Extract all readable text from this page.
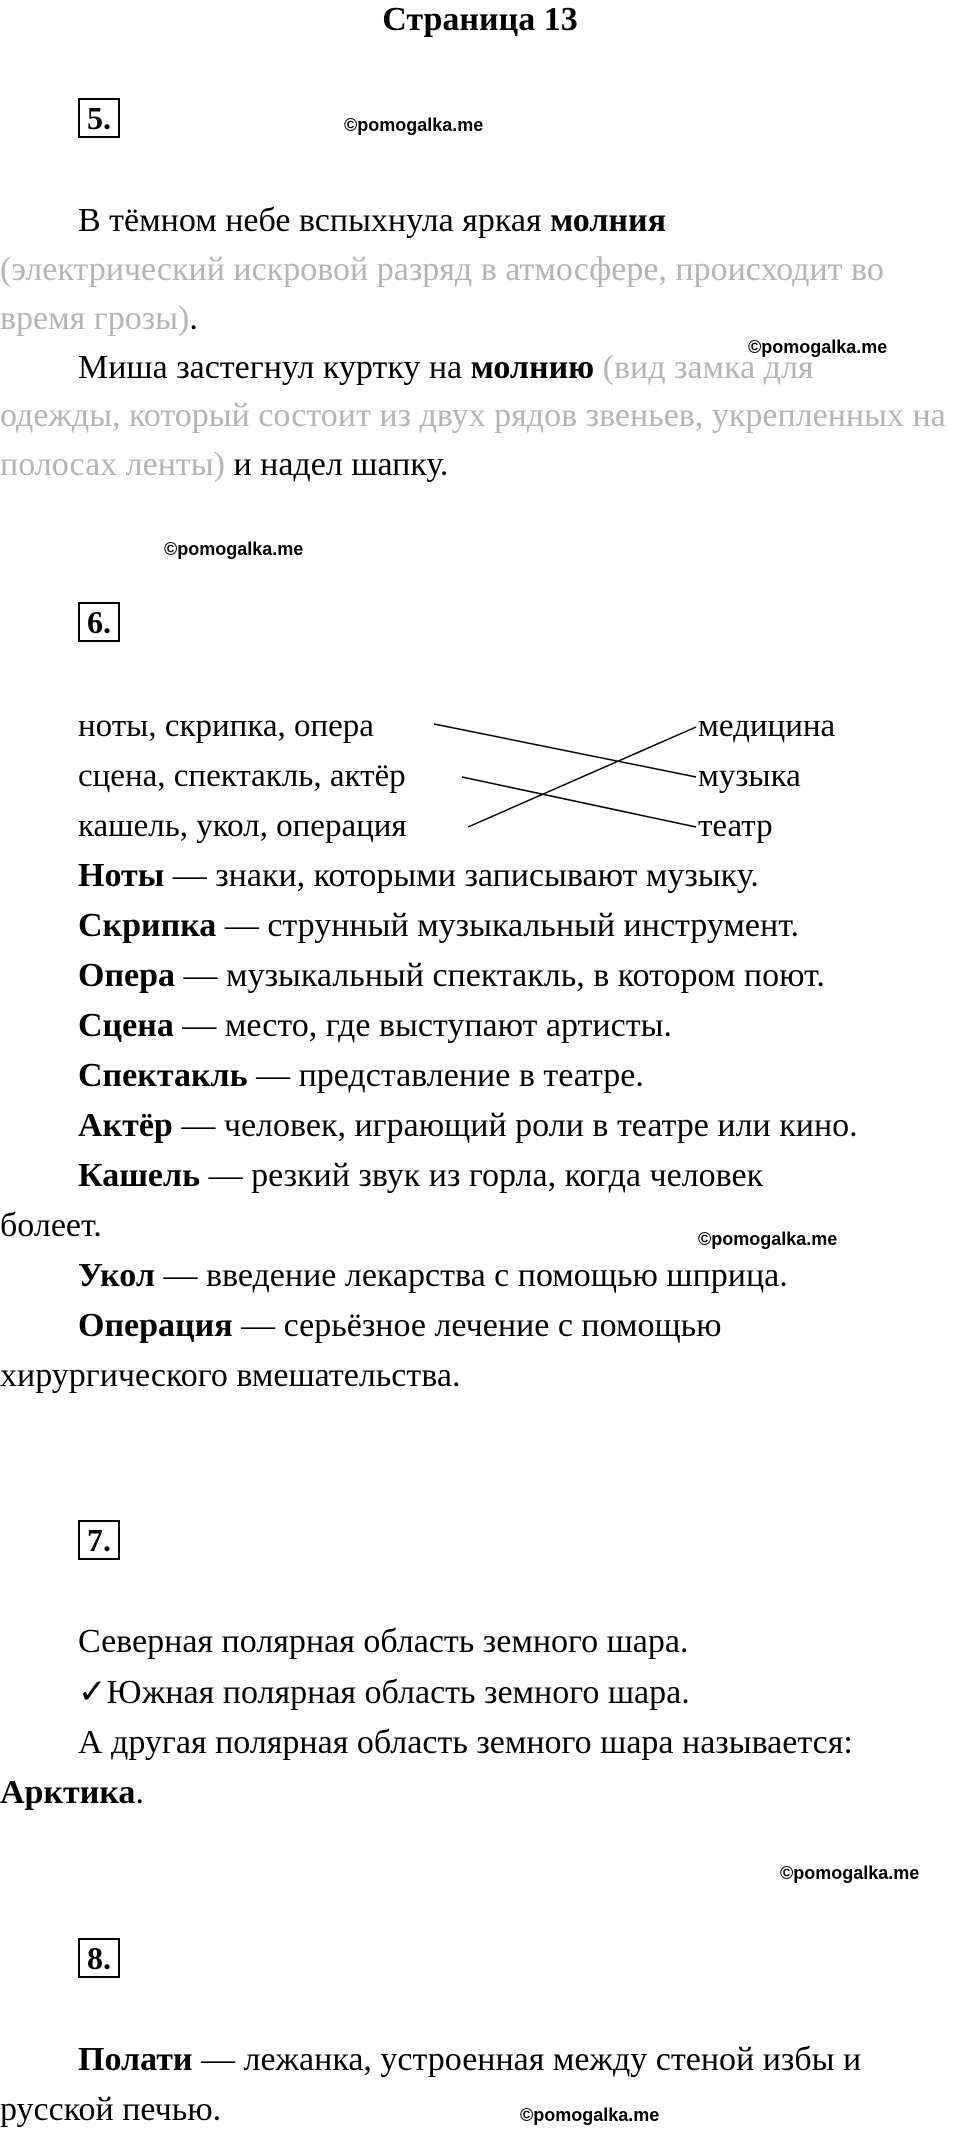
Страница 13
5.	©pomogalka.me
В тёмном небе вспыхнула яркая молния
(электрический искровой разряд в атмосфере, происходит во
время грозы).
©pomogalka.me
Миша застегнул куртку на молнию (вид замка для
одежды, который состоит из двух рядов звеньев, укрепленных на
полосах ленты) и надел шапку.
©pomogalka.me
6.
ноты, скрипка, опера
сцена, спектакль, актёр
кашель, укол, операция
медицина
музыка
театр
Ноты — знаки, которыми записывают музыку.
Скрипка — струнный музыкальный инструмент.
Опера — музыкальный спектакль, в котором поют.
Сцена — место, где выступают артисты.
Спектакль — представление в театре.
Актёр — человек, играющий роли в театре или кино.
Кашель — резкий звук из горла, когда человек
болеет.	©pomogalka.me
Укол — введение лекарства с помощью шприца.
Операция — серьёзное лечение с помощью
хирургического вмешательства.
7.
Северная полярная область земного шара.
✓Южная полярная область земного шара.
А другая полярная область земного шара называется:
Арктика.
©pomogalka.me
8.
Полати — лежанка, устроенная между стеной избы и
русской печью.	©pomogalka.me
